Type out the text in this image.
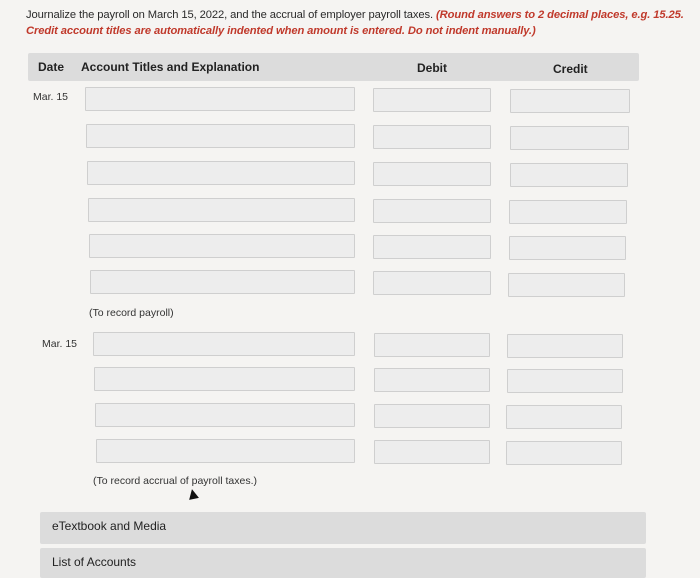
Journalize the payroll on March 15, 2022, and the accrual of employer payroll taxes. (Round answers to 2 decimal places, e.g. 15.25.
Credit account titles are automatically indented when amount is entered. Do not indent manually.)
Date Account Titles and Explanation	Debit	Credit
Mar. 15
(To record payroll)
Mar. 15
(To record accrual of payroll taxes.)
eTextbook and Media
List of Accounts
